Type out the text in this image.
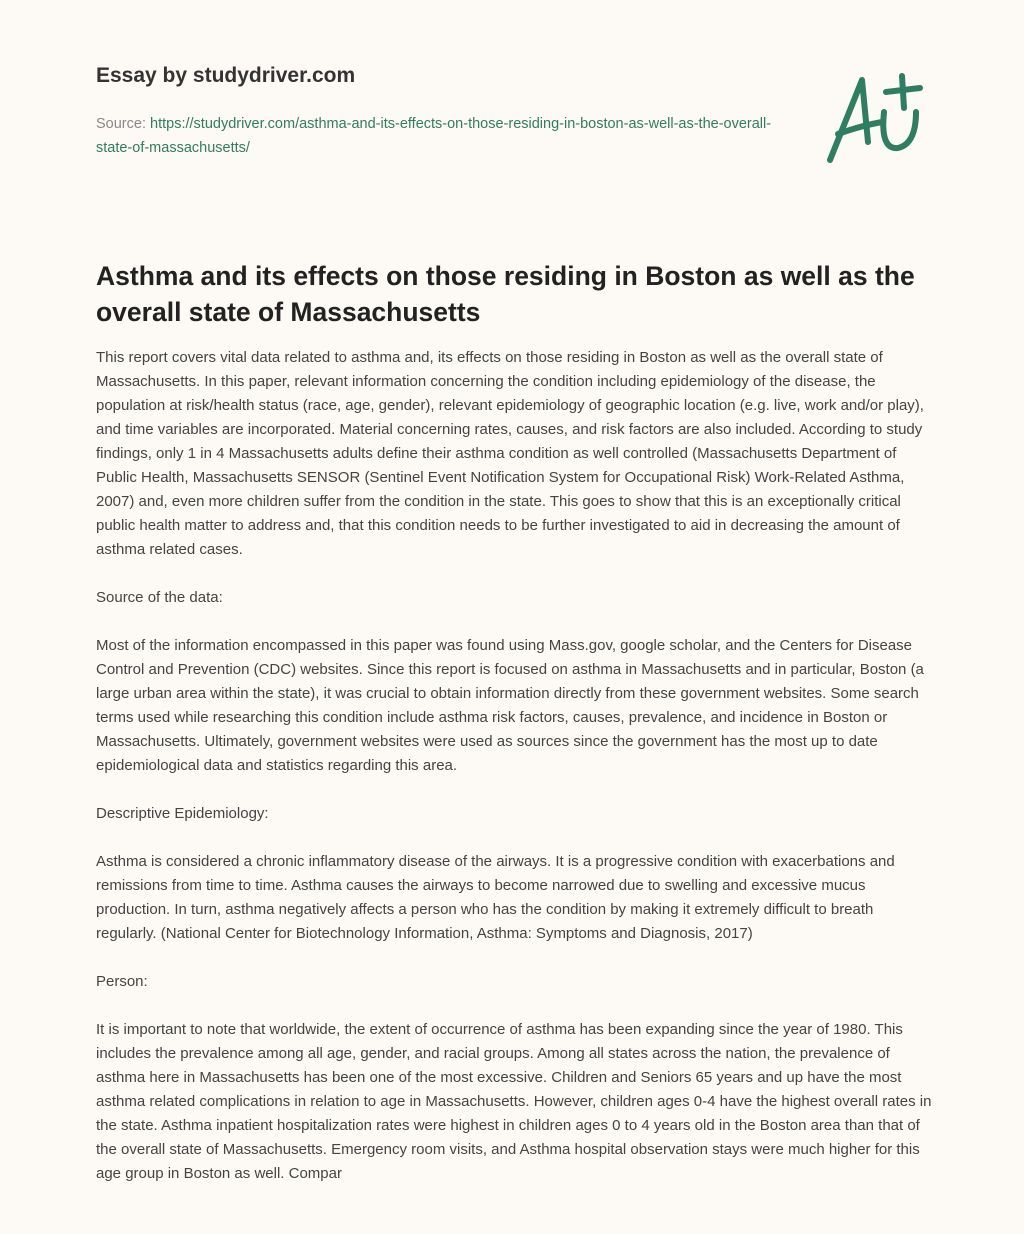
Essay by studydriver.com
Source: https://studydriver.com/asthma-and-its-effects-on-those-residing-in-boston-as-well-as-the-overall-state-of-massachusetts/
Asthma and its effects on those residing in Boston as well as the overall state of Massachusetts

This report covers vital data related to asthma and, its effects on those residing in Boston as well as the overall state of Massachusetts. In this paper, relevant information concerning the condition including epidemiology of the disease, the population at risk/health status (race, age, gender), relevant epidemiology of geographic location (e.g. live, work and/or play), and time variables are incorporated. Material concerning rates, causes, and risk factors are also included. According to study findings, only 1 in 4 Massachusetts adults define their asthma condition as well controlled (Massachusetts Department of Public Health, Massachusetts SENSOR (Sentinel Event Notification System for Occupational Risk) Work-Related Asthma, 2007) and, even more children suffer from the condition in the state. This goes to show that this is an exceptionally critical public health matter to address and, that this condition needs to be further investigated to aid in decreasing the amount of asthma related cases.

Source of the data:

Most of the information encompassed in this paper was found using Mass.gov, google scholar, and the Centers for Disease Control and Prevention (CDC) websites. Since this report is focused on asthma in Massachusetts and in particular, Boston (a large urban area within the state), it was crucial to obtain information directly from these government websites. Some search terms used while researching this condition include asthma risk factors, causes, prevalence, and incidence in Boston or Massachusetts. Ultimately, government websites were used as sources since the government has the most up to date epidemiological data and statistics regarding this area.

Descriptive Epidemiology:

Asthma is considered a chronic inflammatory disease of the airways. It is a progressive condition with exacerbations and remissions from time to time. Asthma causes the airways to become narrowed due to swelling and excessive mucus production. In turn, asthma negatively affects a person who has the condition by making it extremely difficult to breath regularly. (National Center for Biotechnology Information, Asthma: Symptoms and Diagnosis, 2017)

Person:

It is important to note that worldwide, the extent of occurrence of asthma has been expanding since the year of 1980. This includes the prevalence among all age, gender, and racial groups. Among all states across the nation, the prevalence of asthma here in Massachusetts has been one of the most excessive. Children and Seniors 65 years and up have the most asthma related complications in relation to age in Massachusetts. However, children ages 0-4 have the highest overall rates in the state. Asthma inpatient hospitalization rates were highest in children ages 0 to 4 years old in the Boston area than that of the overall state of Massachusetts. Emergency room visits, and Asthma hospital observation stays were much higher for this age group in Boston as well. Compar
